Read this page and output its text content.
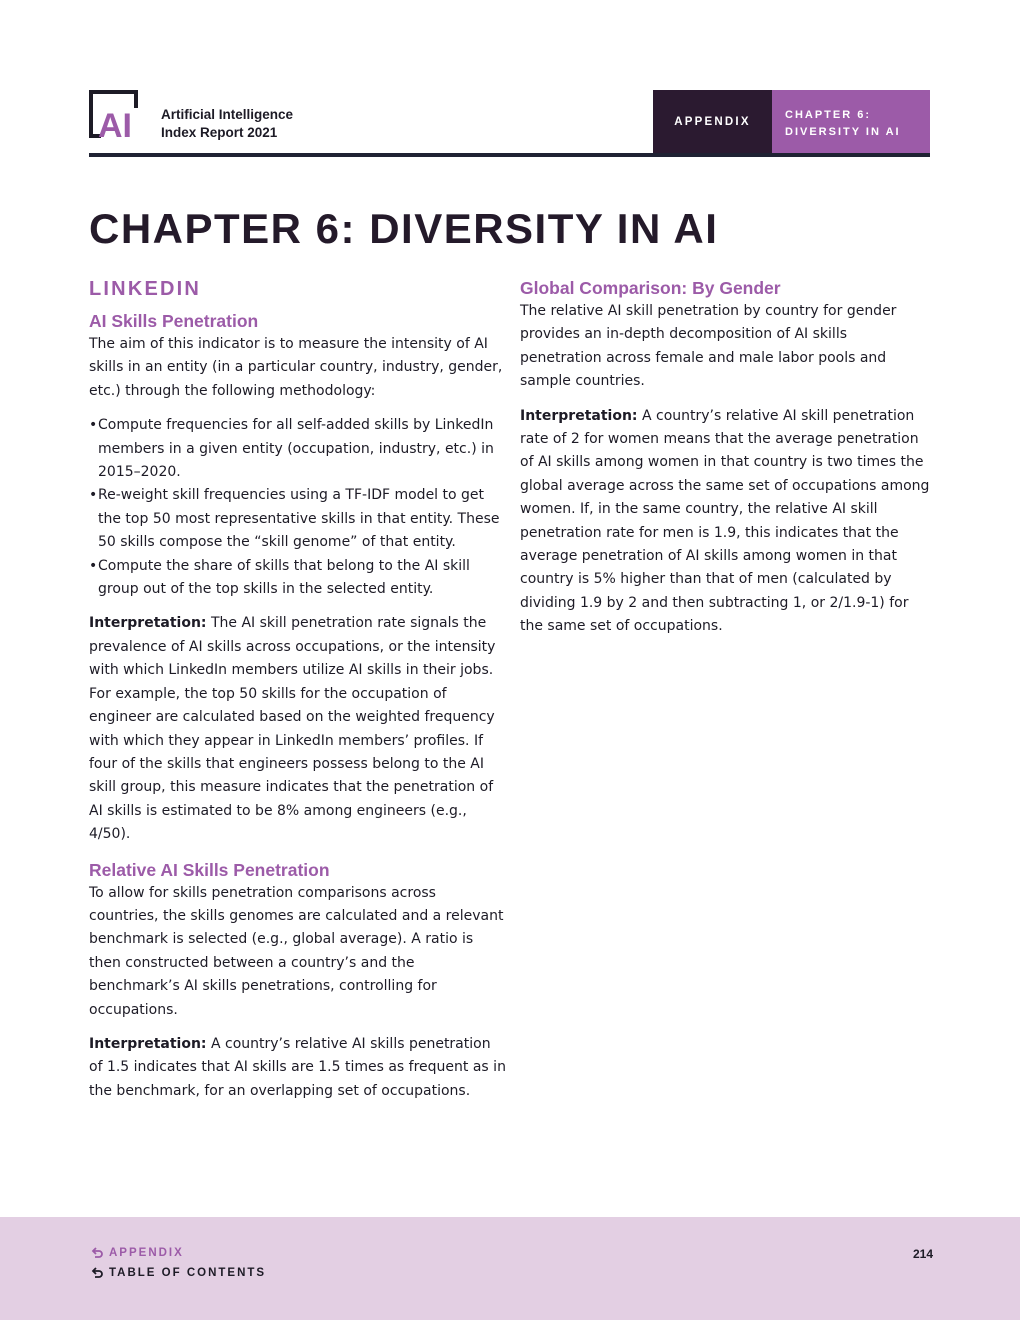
AI Artificial Intelligence
Index Report 2021
APPENDIX
CHAPTER 6:
DIVERSITY IN AI
CHAPTER 6: DIVERSITY IN AI
LINKEDIN
AI Skills Penetration

The aim of this indicator is to measure the intensity of AI skills in an entity (in a particular country, industry, gender, etc.) through the following methodology:

• Compute frequencies for all self-added skills by LinkedIn members in a given entity (occupation, industry, etc.) in 2015–2020.
• Re-weight skill frequencies using a TF-IDF model to get the top 50 most representative skills in that entity. These 50 skills compose the “skill genome” of that entity.
• Compute the share of skills that belong to the AI skill group out of the top skills in the selected entity.

Interpretation: The AI skill penetration rate signals the prevalence of AI skills across occupations, or the intensity with which LinkedIn members utilize AI skills in their jobs. For example, the top 50 skills for the occupation of engineer are calculated based on the weighted frequency with which they appear in LinkedIn members’ profiles. If four of the skills that engineers possess belong to the AI skill group, this measure indicates that the penetration of AI skills is estimated to be 8% among engineers (e.g., 4/50).

Relative AI Skills Penetration

To allow for skills penetration comparisons across countries, the skills genomes are calculated and a relevant benchmark is selected (e.g., global average). A ratio is then constructed between a country’s and the benchmark’s AI skills penetrations, controlling for occupations.

Interpretation: A country’s relative AI skills penetration of 1.5 indicates that AI skills are 1.5 times as frequent as in the benchmark, for an overlapping set of occupations.

Global Comparison: By Gender

The relative AI skill penetration by country for gender provides an in-depth decomposition of AI skills penetration across female and male labor pools and sample countries.

Interpretation: A country’s relative AI skill penetration rate of 2 for women means that the average penetration of AI skills among women in that country is two times the global average across the same set of occupations among women. If, in the same country, the relative AI skill penetration rate for men is 1.9, this indicates that the average penetration of AI skills among women in that country is 5% higher than that of men (calculated by dividing 1.9 by 2 and then subtracting 1, or 2/1.9-1) for the same set of occupations.

APPENDIX
TABLE OF CONTENTS
214
